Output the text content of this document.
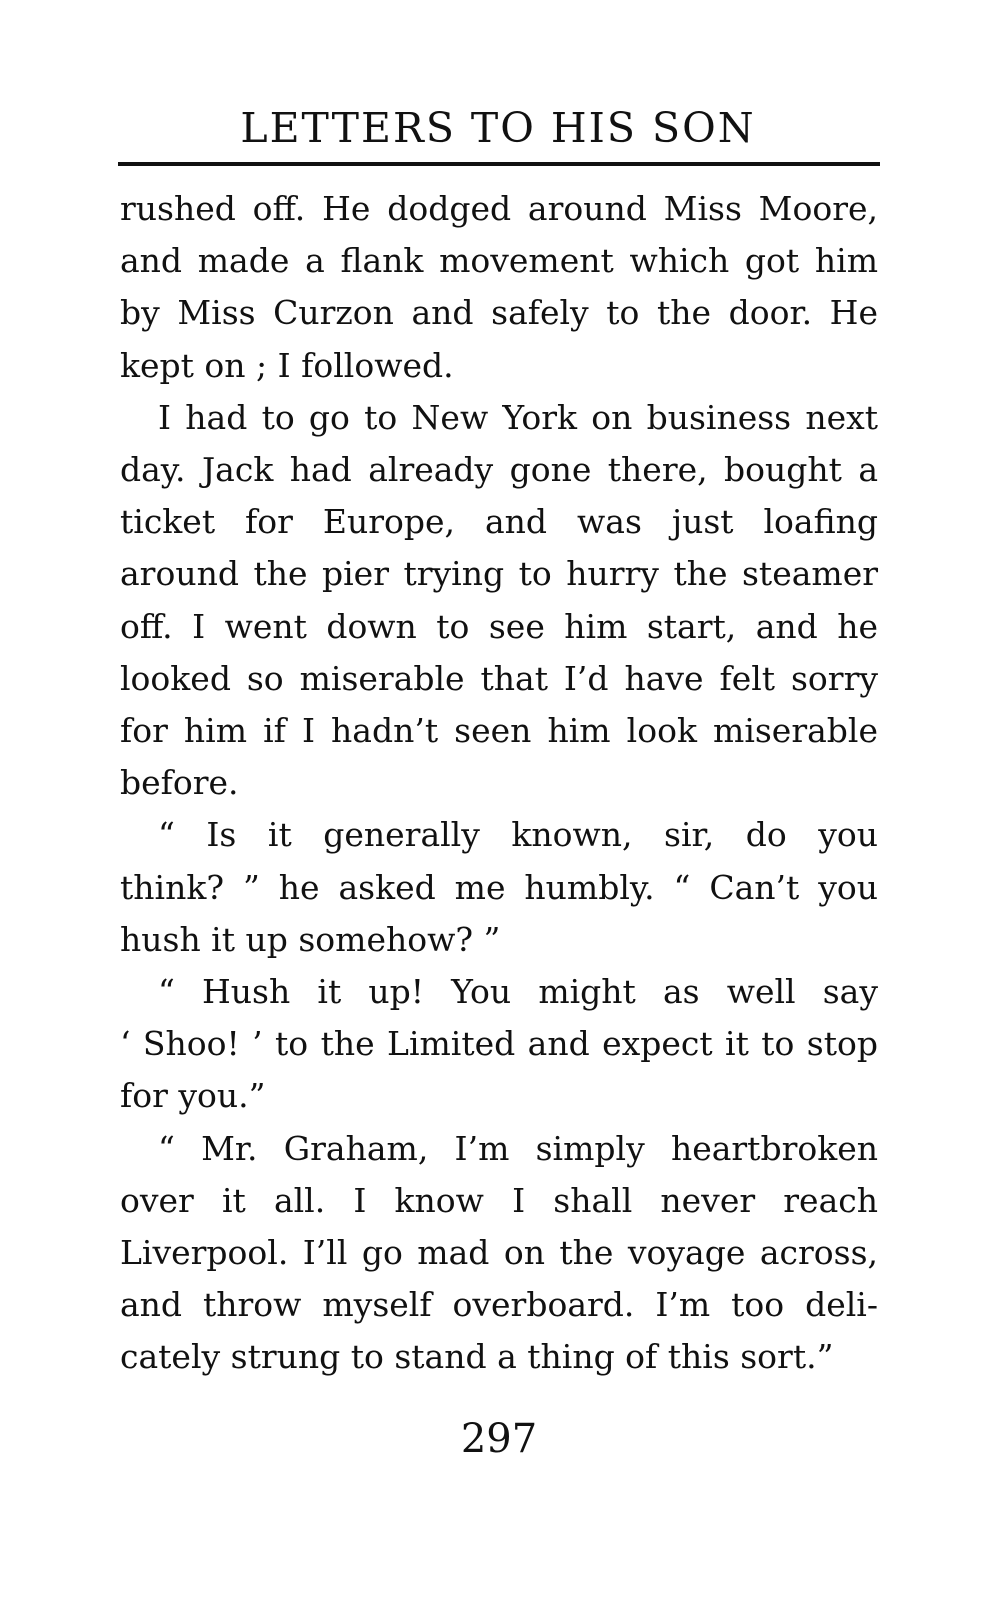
LETTERS TO HIS SON
rushed off. He dodged around Miss Moore,
and made a flank movement which got him
by Miss Curzon and safely to the door. He
kept on ; I followed.
I had to go to New York on business next
day. Jack had already gone there, bought a
ticket for Europe, and was just loafing
around the pier trying to hurry the steamer
off. I went down to see him start, and he
looked so miserable that I’d have felt sorry
for him if I hadn’t seen him look miserable
before.
“ Is it generally known, sir, do you
think? ” he asked me humbly. “ Can’t you
hush it up somehow? ”
“ Hush it up! You might as well say
‘ Shoo! ’ to the Limited and expect it to stop
for you.”
“ Mr. Graham, I’m simply heartbroken
over it all. I know I shall never reach
Liverpool. I’ll go mad on the voyage across,
and throw myself overboard. I’m too deli-
cately strung to stand a thing of this sort.”
297
